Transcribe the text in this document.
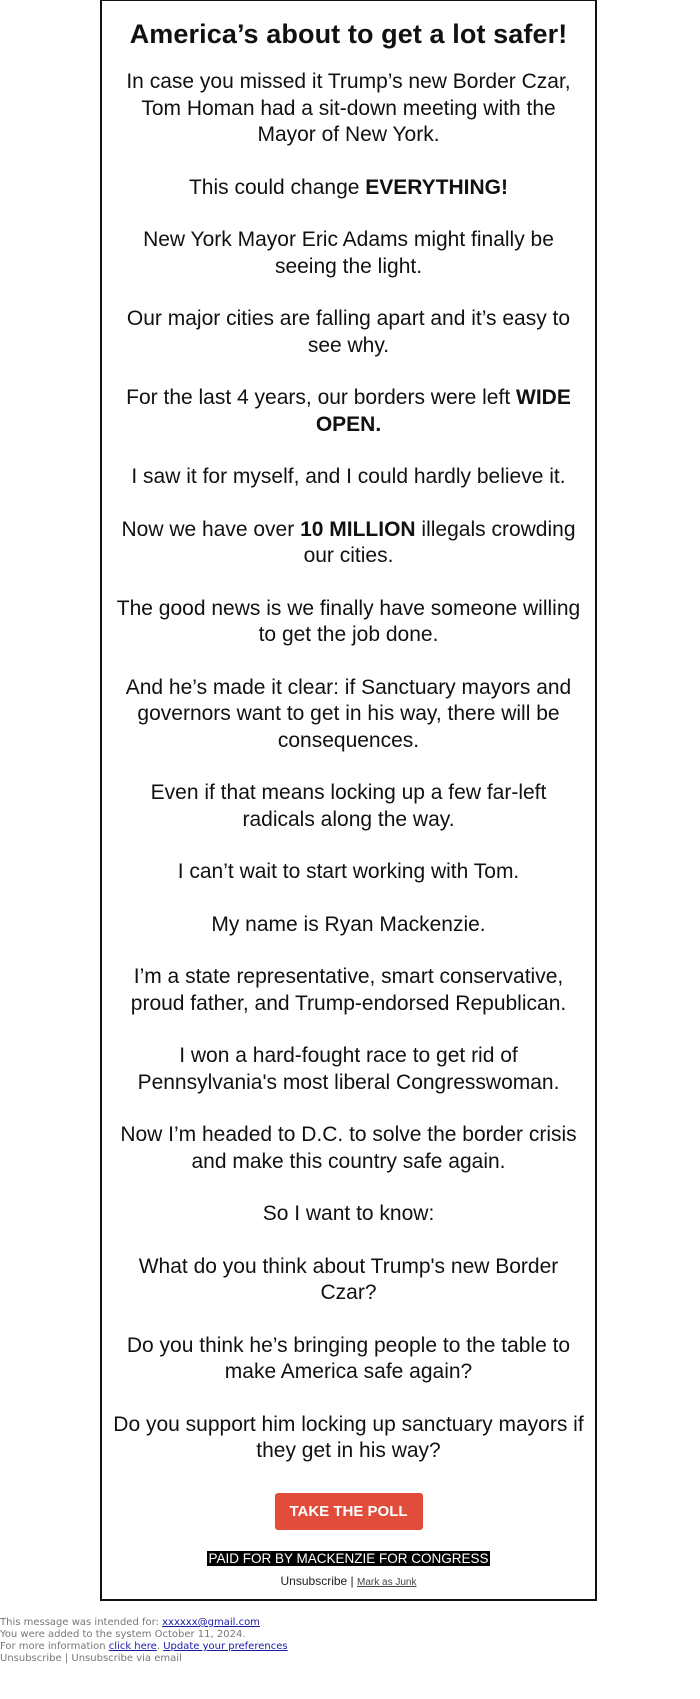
America’s about to get a lot safer!
In case you missed it Trump’s new Border Czar, Tom Homan had a sit-down meeting with the Mayor of New York.
This could change EVERYTHING!
New York Mayor Eric Adams might finally be seeing the light.
Our major cities are falling apart and it’s easy to see why.
For the last 4 years, our borders were left WIDE OPEN.
I saw it for myself, and I could hardly believe it.
Now we have over 10 MILLION illegals crowding our cities.
The good news is we finally have someone willing to get the job done.
And he’s made it clear: if Sanctuary mayors and governors want to get in his way, there will be consequences.
Even if that means locking up a few far-left radicals along the way.
I can’t wait to start working with Tom.
My name is Ryan Mackenzie.
I’m a state representative, smart conservative, proud father, and Trump-endorsed Republican.
I won a hard-fought race to get rid of Pennsylvania's most liberal Congresswoman.
Now I’m headed to D.C. to solve the border crisis and make this country safe again.
So I want to know:
What do you think about Trump's new Border Czar?
Do you think he’s bringing people to the table to make America safe again?
Do you support him locking up sanctuary mayors if they get in his way?
TAKE THE POLL
PAID FOR BY MACKENZIE FOR CONGRESS
Unsubscribe | Mark as Junk
This message was intended for: xxxxxx@gmail.com
You were added to the system October 11, 2024.
For more information click here. Update your preferences
Unsubscribe | Unsubscribe via email
